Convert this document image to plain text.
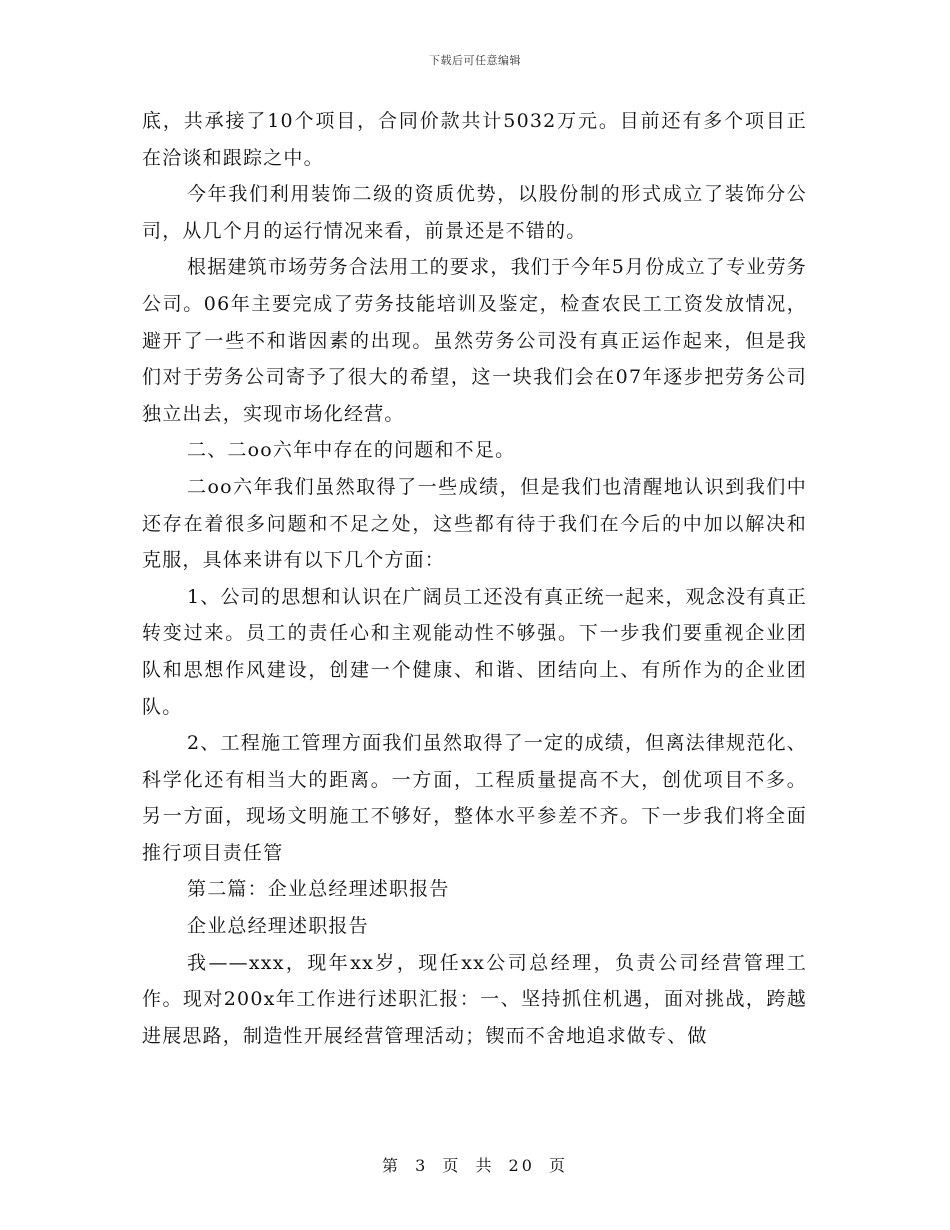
下载后可任意编辑

底，共承接了10个项目，合同价款共计5032万元。目前还有多个项目正在洽谈和跟踪之中。

今年我们利用装饰二级的资质优势，以股份制的形式成立了装饰分公司，从几个月的运行情况来看，前景还是不错的。

根据建筑市场劳务合法用工的要求，我们于今年5月份成立了专业劳务公司。06年主要完成了劳务技能培训及鉴定，检查农民工工资发放情况，避开了一些不和谐因素的出现。虽然劳务公司没有真正运作起来，但是我们对于劳务公司寄予了很大的希望，这一块我们会在07年逐步把劳务公司独立出去，实现市场化经营。

二、二oo六年中存在的问题和不足。

二oo六年我们虽然取得了一些成绩，但是我们也清醒地认识到我们中还存在着很多问题和不足之处，这些都有待于我们在今后的中加以解决和克服，具体来讲有以下几个方面：

1、公司的思想和认识在广阔员工还没有真正统一起来，观念没有真正转变过来。员工的责任心和主观能动性不够强。下一步我们要重视企业团队和思想作风建设，创建一个健康、和谐、团结向上、有所作为的企业团队。

2、工程施工管理方面我们虽然取得了一定的成绩，但离法律规范化、科学化还有相当大的距离。一方面，工程质量提高不大，创优项目不多。另一方面，现场文明施工不够好，整体水平参差不齐。下一步我们将全面推行项目责任管

第二篇：企业总经理述职报告

企业总经理述职报告

我——xxx，现年xx岁，现任xx公司总经理，负责公司经营管理工作。现对200x年工作进行述职汇报：一、坚持抓住机遇，面对挑战，跨越进展思路，制造性开展经营管理活动；锲而不舍地追求做专、做

第 3 页 共 20 页
